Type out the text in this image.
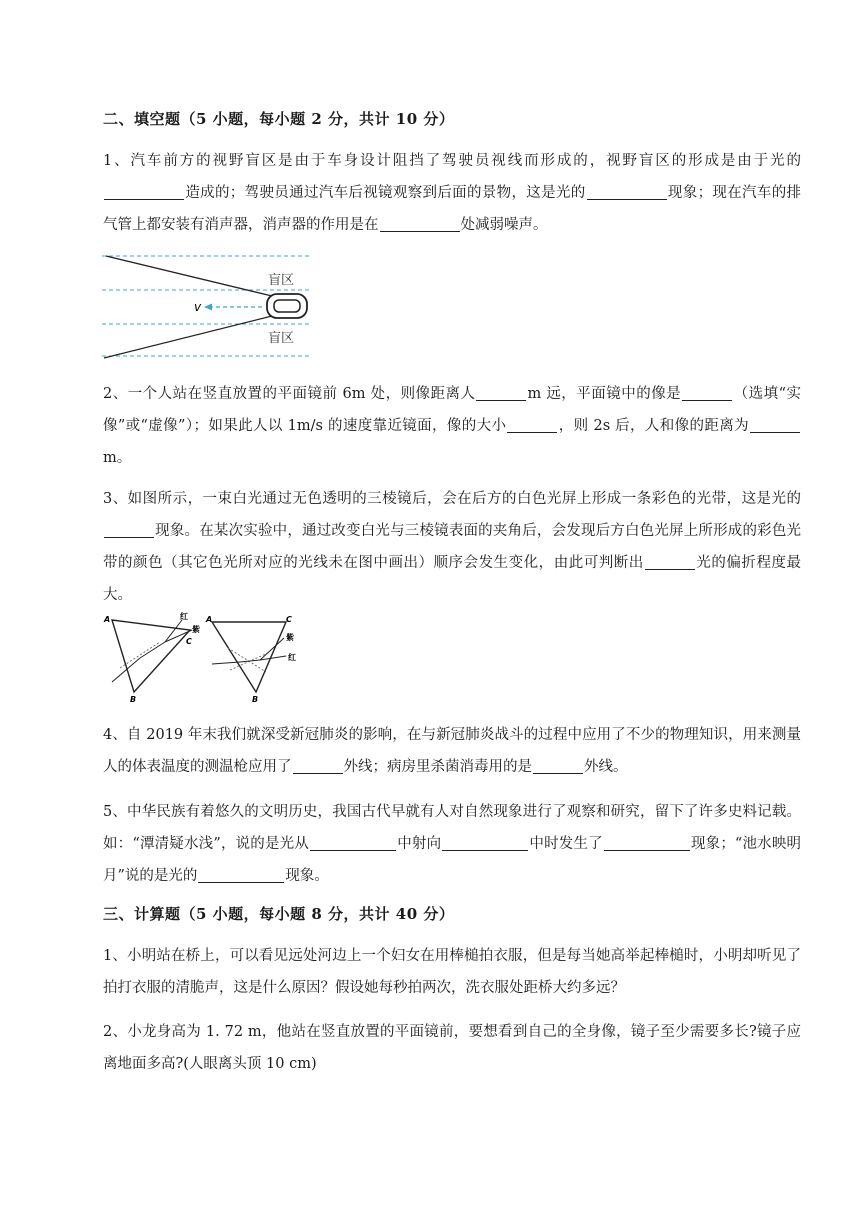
二、填空题（5 小题，每小题 2 分，共计 10 分）

1、汽车前方的视野盲区是由于车身设计阻挡了驾驶员视线而形成的，视野盲区的形成是由于光的造成的；驾驶员通过汽车后视镜观察到后面的景物，这是光的	现象；现在汽车的排气管上都安装有消声器，消声器的作用是在	处减弱噪声。

v
盲区
盲区

2、一个人站在竖直放置的平面镜前 6m 处，则像距离人	m 远，平面镜中的像是	（选填“实像”或“虚像”）；如果此人以 1m/s 的速度靠近镜面，像的大小	，则 2s 后，人和像的距离为m。

3、如图所示，一束白光通过无色透明的三棱镜后，会在后方的白色光屏上形成一条彩色的光带，这是光的现象。在某次实验中，通过改变白光与三棱镜表面的夹角后，会发现后方白色光屏上所形成的彩色光带的颜色（其它色光所对应的光线未在图中画出）顺序会发生变化，由此可判断出	光的偏折程度最大。

A
B
C
红
紫
A
B
C
紫
红

4、自 2019 年末我们就深受新冠肺炎的影响，在与新冠肺炎战斗的过程中应用了不少的物理知识，用来测量人的体表温度的测温枪应用了	外线；病房里杀菌消毒用的是	外线。

5、中华民族有着悠久的文明历史，我国古代早就有人对自然现象进行了观察和研究，留下了许多史料记载。如：“潭清疑水浅”，说的是光从	中射向	中时发生了	现象；“池水映明月”说的是光的	现象。

三、计算题（5 小题，每小题 8 分，共计 40 分）

1、小明站在桥上，可以看见远处河边上一个妇女在用棒槌拍衣服，但是每当她高举起棒槌时，小明却听见了拍打衣服的清脆声，这是什么原因？假设她每秒拍两次，洗衣服处距桥大约多远？

2、小龙身高为 1. 72 m，他站在竖直放置的平面镜前，要想看到自己的全身像，镜子至少需要多长?镜子应离地面多高?(人眼离头顶 10 cm)
